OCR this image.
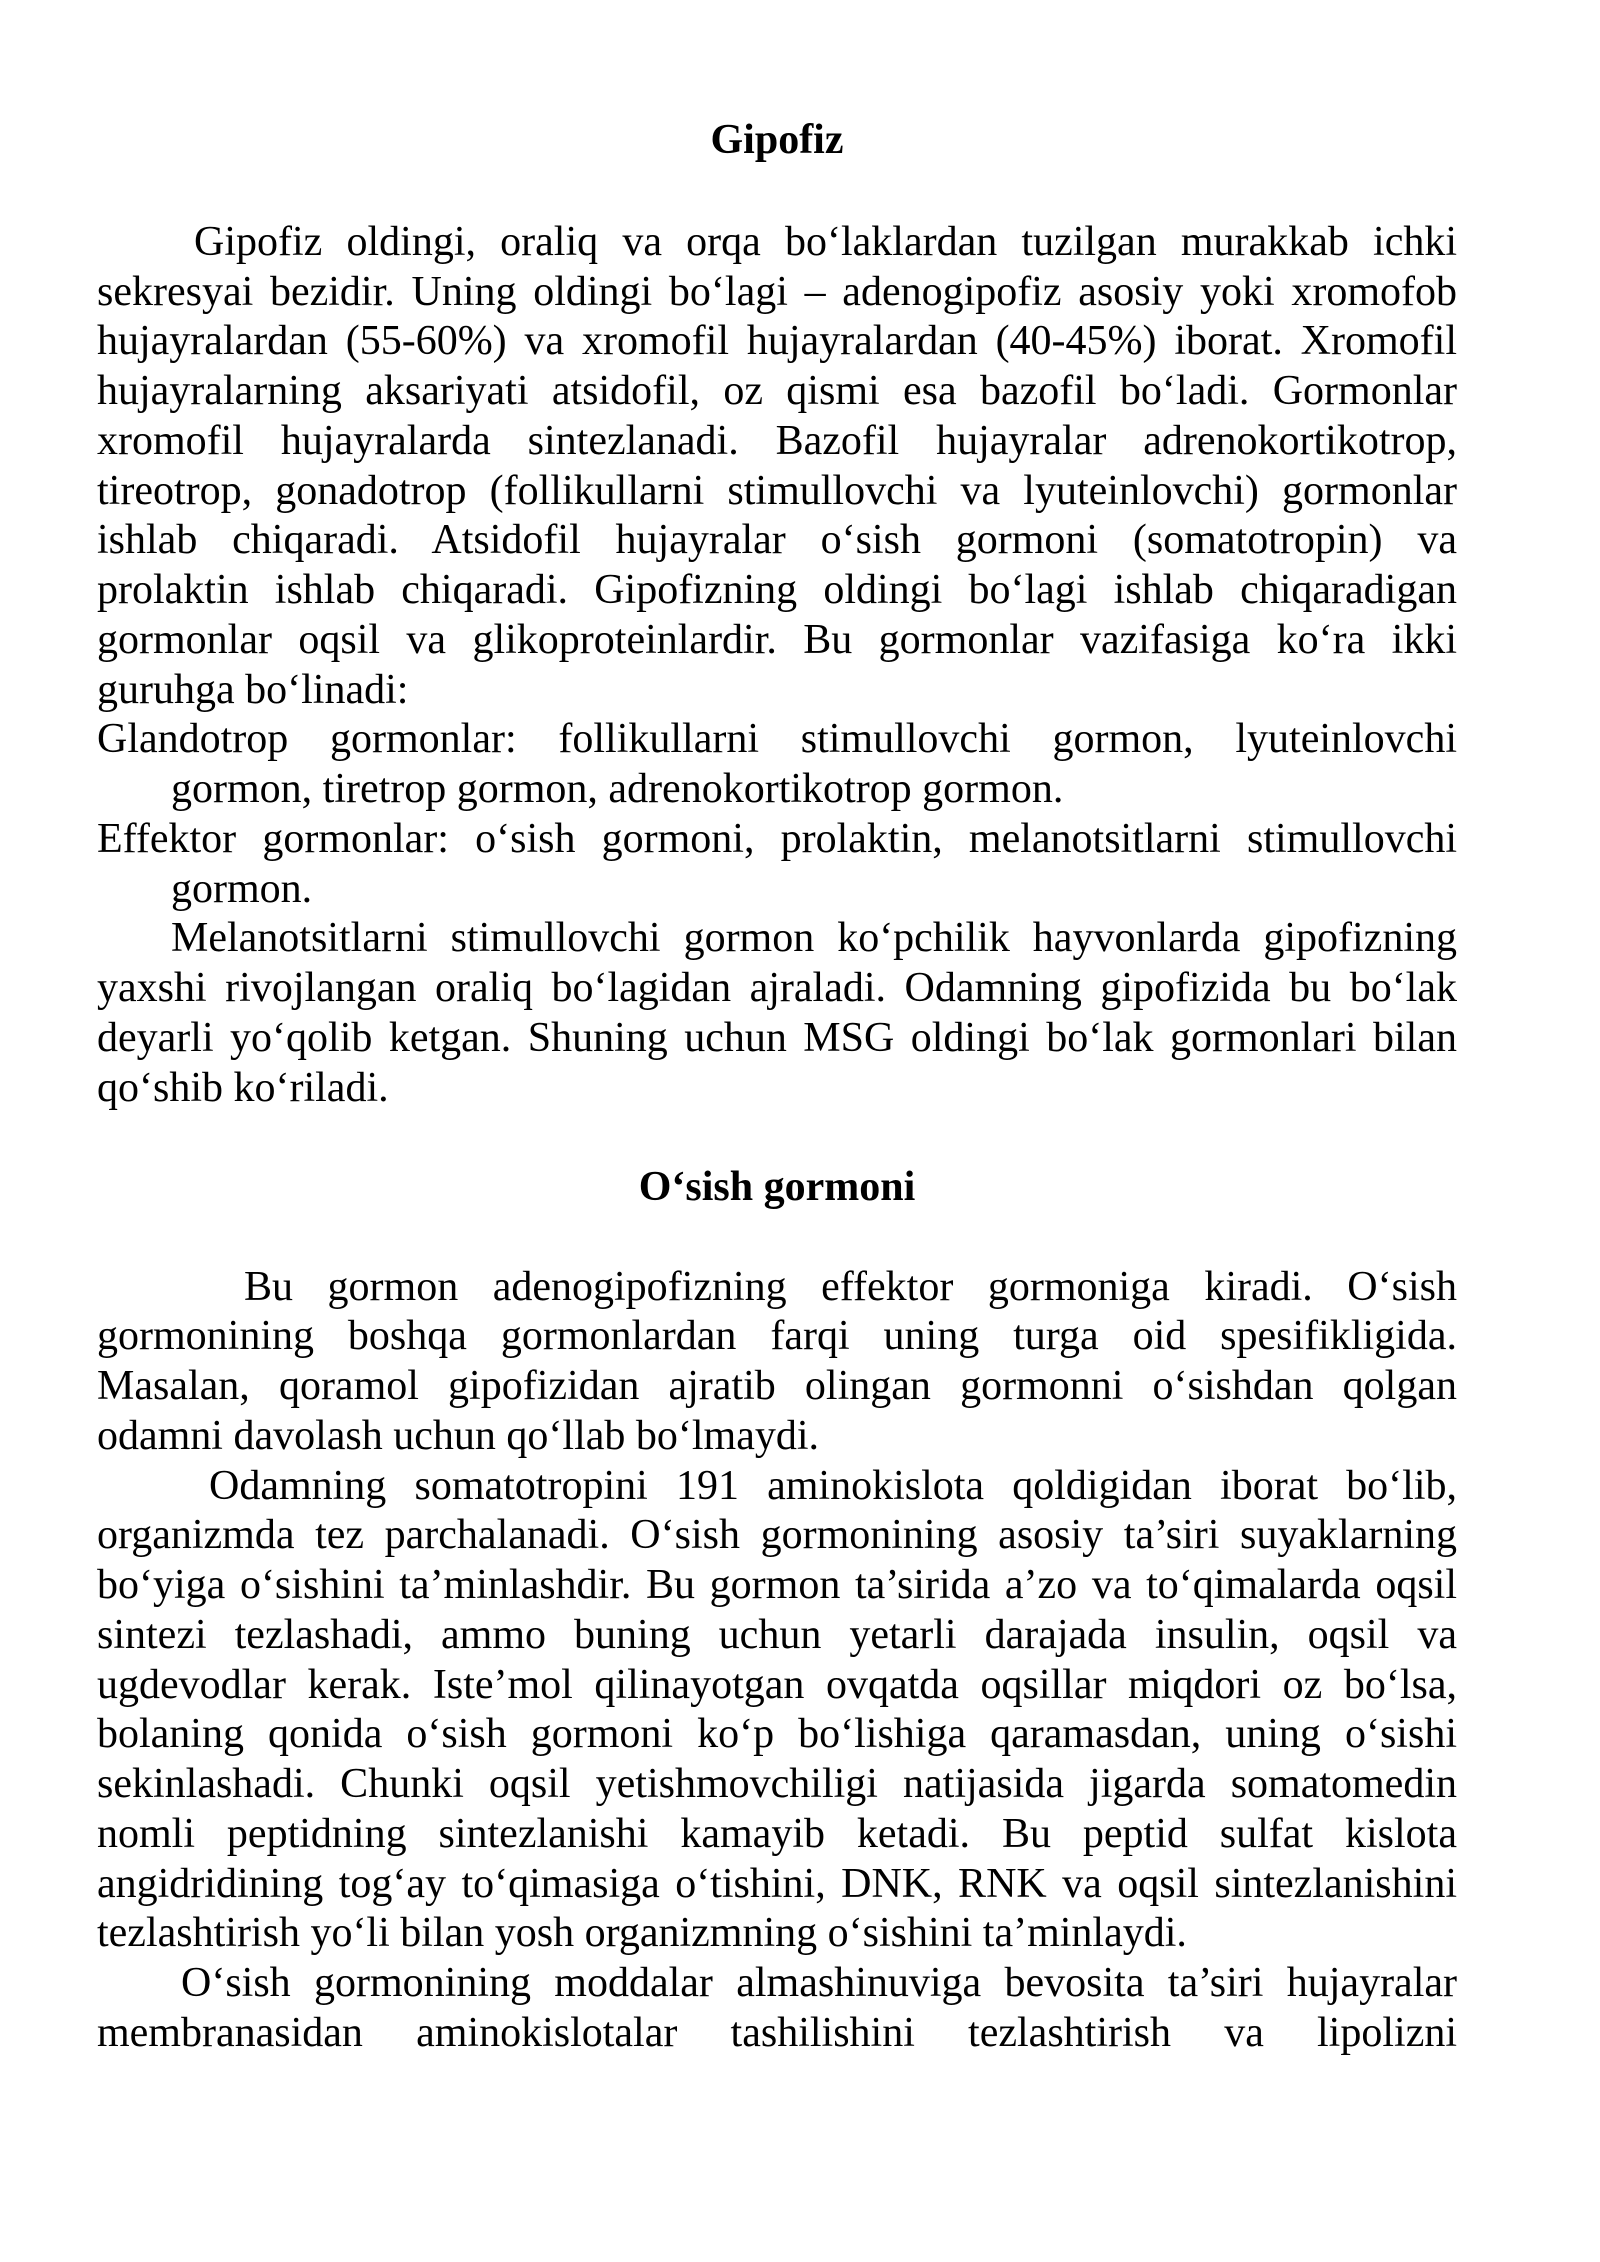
Gipofiz
Gipofiz oldingi, oraliq va orqa bo‘laklardan tuzilgan murakkab ichki
sekresyai bezidir. Uning oldingi bo‘lagi – adenogipofiz asosiy yoki xromofob
hujayralardan (55-60%) va xromofil hujayralardan (40-45%) iborat. Xromofil
hujayralarning aksariyati atsidofil, oz qismi esa bazofil bo‘ladi. Gormonlar
xromofil hujayralarda sintezlanadi. Bazofil hujayralar adrenokortikotrop,
tireotrop, gonadotrop (follikullarni stimullovchi va lyuteinlovchi) gormonlar
ishlab chiqaradi. Atsidofil hujayralar o‘sish gormoni (somatotropin) va
prolaktin ishlab chiqaradi. Gipofizning oldingi bo‘lagi ishlab chiqaradigan
gormonlar oqsil va glikoproteinlardir. Bu gormonlar vazifasiga ko‘ra ikki
guruhga bo‘linadi:
Glandotrop gormonlar: follikullarni stimullovchi gormon, lyuteinlovchi
gormon, tiretrop gormon, adrenokortikotrop gormon.
Effektor gormonlar: o‘sish gormoni, prolaktin, melanotsitlarni stimullovchi
gormon.
Melanotsitlarni stimullovchi gormon ko‘pchilik hayvonlarda gipofizning
yaxshi rivojlangan oraliq bo‘lagidan ajraladi. Odamning gipofizida bu bo‘lak
deyarli yo‘qolib ketgan. Shuning uchun MSG oldingi bo‘lak gormonlari bilan
qo‘shib ko‘riladi.
O‘sish gormoni
Bu gormon adenogipofizning effektor gormoniga kiradi. O‘sish
gormonining boshqa gormonlardan farqi uning turga oid spesifikligida.
Masalan, qoramol gipofizidan ajratib olingan gormonni o‘sishdan qolgan
odamni davolash uchun qo‘llab bo‘lmaydi.
Odamning somatotropini 191 aminokislota qoldigidan iborat bo‘lib,
organizmda tez parchalanadi. O‘sish gormonining asosiy ta’siri suyaklarning
bo‘yiga o‘sishini ta’minlashdir. Bu gormon ta’sirida a’zo va to‘qimalarda oqsil
sintezi tezlashadi, ammo buning uchun yetarli darajada insulin, oqsil va
ugdevodlar kerak. Iste’mol qilinayotgan ovqatda oqsillar miqdori oz bo‘lsa,
bolaning qonida o‘sish gormoni ko‘p bo‘lishiga qaramasdan, uning o‘sishi
sekinlashadi. Chunki oqsil yetishmovchiligi natijasida jigarda somatomedin
nomli peptidning sintezlanishi kamayib ketadi. Bu peptid sulfat kislota
angidridining tog‘ay to‘qimasiga o‘tishini, DNK, RNK va oqsil sintezlanishini
tezlashtirish yo‘li bilan yosh organizmning o‘sishini ta’minlaydi.
O‘sish gormonining moddalar almashinuviga bevosita ta’siri hujayralar
membranasidan aminokislotalar tashilishini tezlashtirish va lipolizni
